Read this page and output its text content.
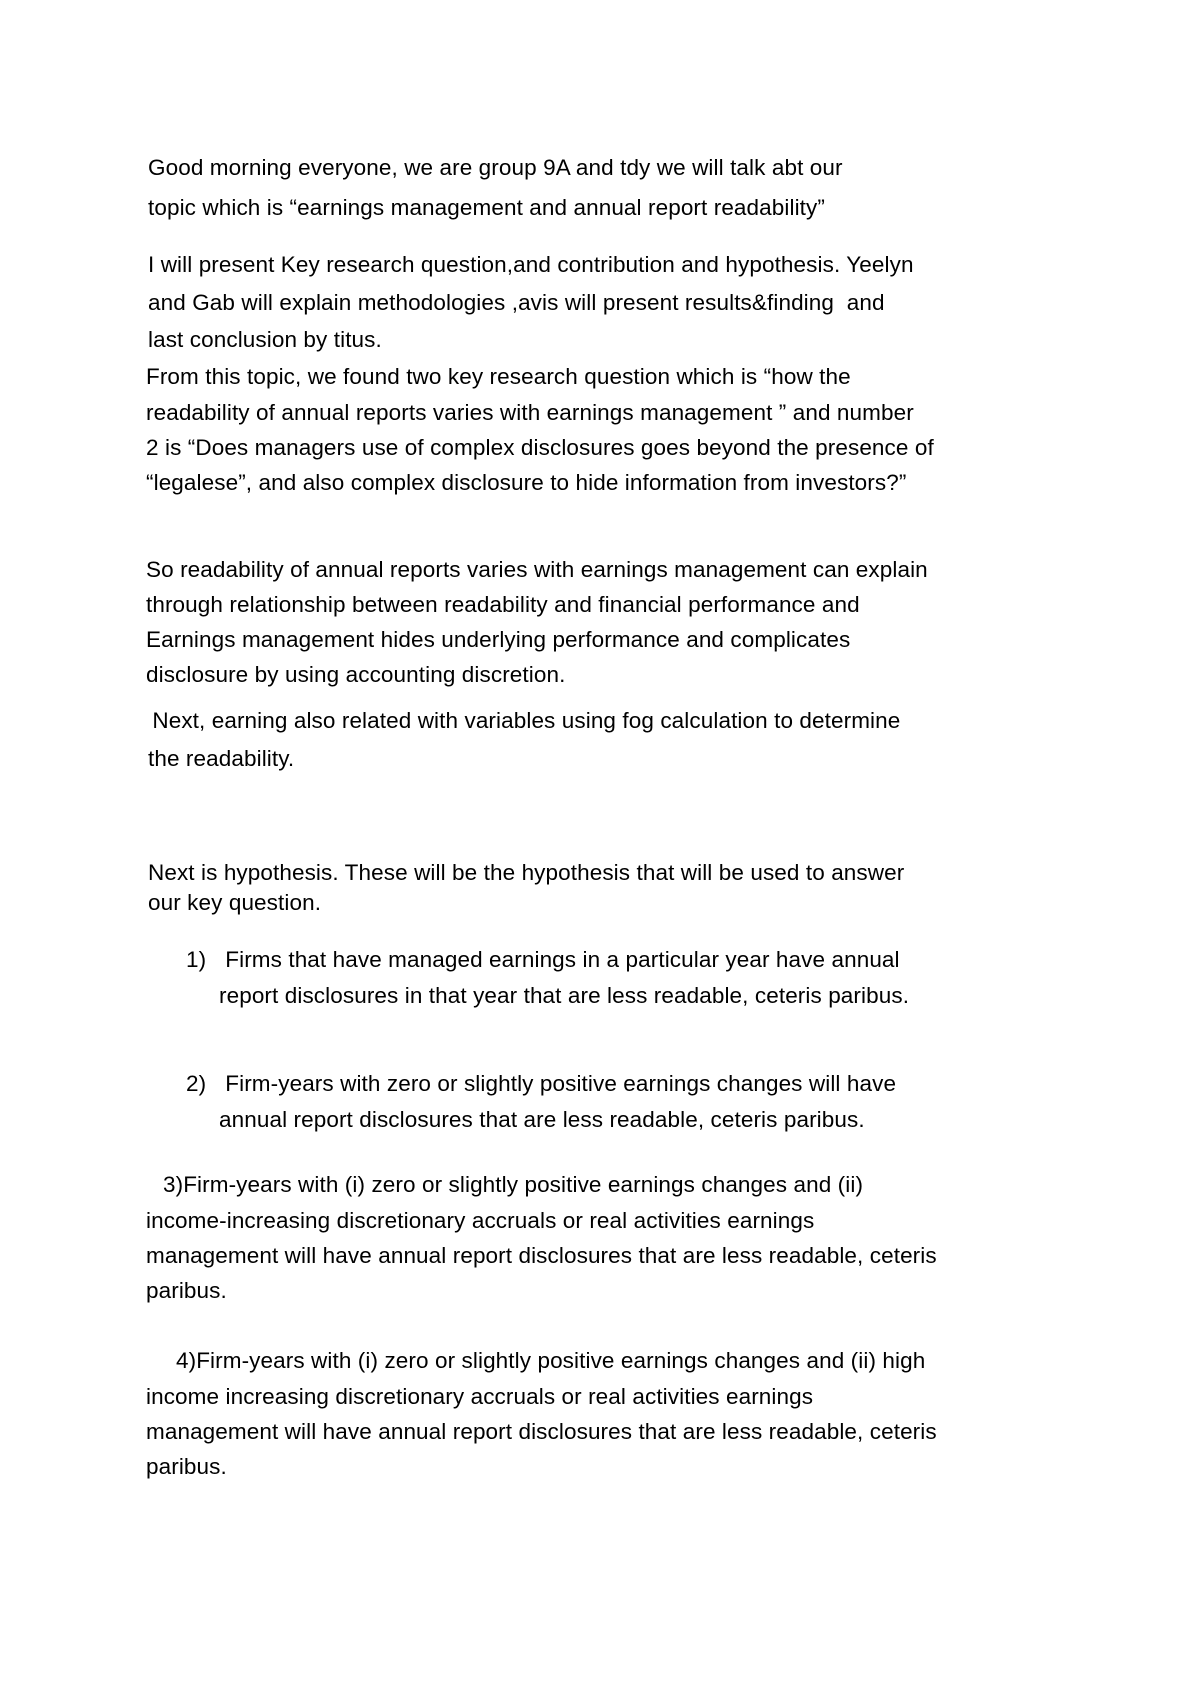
Good morning everyone, we are group 9A and tdy we will talk abt our
topic which is “earnings management and annual report readability”
I will present Key research question,and contribution and hypothesis. Yeelyn
and Gab will explain methodologies ,avis will present results&finding  and
last conclusion by titus.
From this topic, we found two key research question which is “how the
readability of annual reports varies with earnings management ” and number
2 is “Does managers use of complex disclosures goes beyond the presence of
“legalese”, and also complex disclosure to hide information from investors?”
So readability of annual reports varies with earnings management can explain
through relationship between readability and financial performance and
Earnings management hides underlying performance and complicates
disclosure by using accounting discretion.
Next, earning also related with variables using fog calculation to determine
the readability.
Next is hypothesis. These will be the hypothesis that will be used to answer
our key question.
1)   Firms that have managed earnings in a particular year have annual
report disclosures in that year that are less readable, ceteris paribus.
2)   Firm-years with zero or slightly positive earnings changes will have
annual report disclosures that are less readable, ceteris paribus.
3)Firm-years with (i) zero or slightly positive earnings changes and (ii)
income-increasing discretionary accruals or real activities earnings
management will have annual report disclosures that are less readable, ceteris
paribus.
4)Firm-years with (i) zero or slightly positive earnings changes and (ii) high
income increasing discretionary accruals or real activities earnings
management will have annual report disclosures that are less readable, ceteris
paribus.
